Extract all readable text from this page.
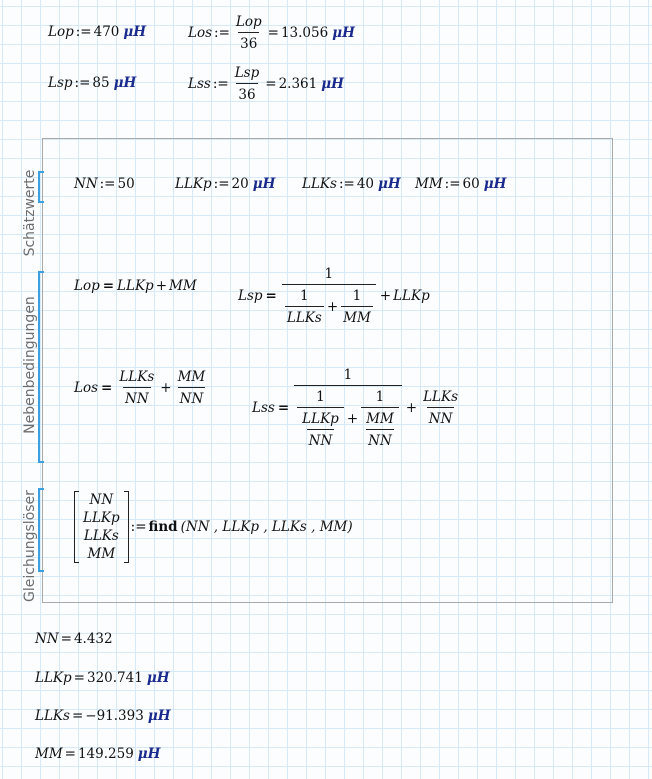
Lop := 470 μH	Los := $\frac{\text{Lop}}{36} = 13.056$ μH
Lsp := 85 μH	Lss := $\frac{\text{Lsp}}{36} = 2.361$ μH
Schätzwerte
Nebenbedingungen
Gleichungslöser
NN := 50	LLKp := 20 μH LLKs := 40 μH MM := 60 μH
Lop = LLKp + MM
Lsp = $\frac{1}{\frac{1}{\text{LLKs}} + \frac{1}{MM}}$ + LLKp
Los = $\frac{\text{LLKs}}{NN} + \frac{MM}{NN}$
Lss =
1
$\frac{1}{\frac{\text{LLKp}}{NN}} + \frac{1}{\frac{MM}{NN}} + \frac{\text{LLKs}}{NN}$
NN
LLKp
LLKs
MM
:= find (NN , LLKp , LLKs , MM)
NN = 4.432
LLKp = 320.741 μH
LLKs = −91.393 μH
MM = 149.259 μH
